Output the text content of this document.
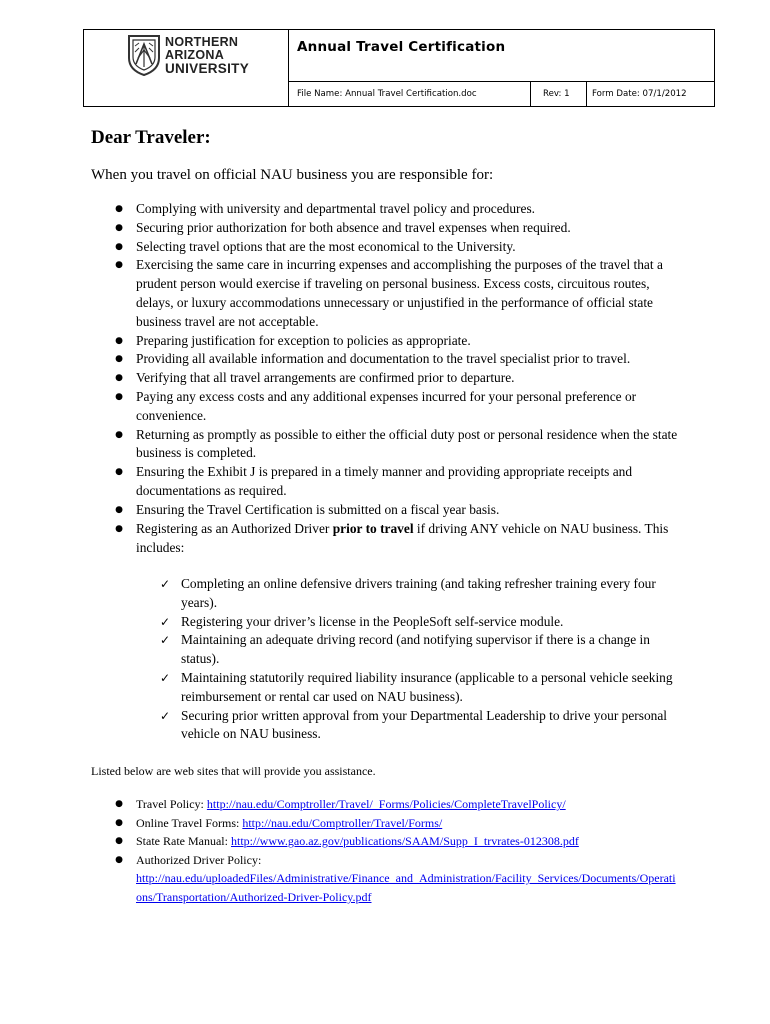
NORTHERN
ARIZONA
UNIVERSITY
Annual Travel Certification
File Name: Annual Travel Certification.doc	Rev: 1	Form Date: 07/1/2012
Dear Traveler:
When you travel on official NAU business you are responsible for:
● Complying with university and departmental travel policy and procedures.
● Securing prior authorization for both absence and travel expenses when required.
● Selecting travel options that are the most economical to the University.
● Exercising the same care in incurring expenses and accomplishing the purposes of the travel that a
prudent person would exercise if traveling on personal business. Excess costs, circuitous routes,
delays, or luxury accommodations unnecessary or unjustified in the performance of official state
business travel are not acceptable.
● Preparing justification for exception to policies as appropriate.
● Providing all available information and documentation to the travel specialist prior to travel.
● Verifying that all travel arrangements are confirmed prior to departure.
● Paying any excess costs and any additional expenses incurred for your personal preference or
convenience.
● Returning as promptly as possible to either the official duty post or personal residence when the state
business is completed.
● Ensuring the Exhibit J is prepared in a timely manner and providing appropriate receipts and
documentations as required.
● Ensuring the Travel Certification is submitted on a fiscal year basis.
● Registering as an Authorized Driver prior to travel if driving ANY vehicle on NAU business. This
includes:
✓ Completing an online defensive drivers training (and taking refresher training every four
years).
✓ Registering your driver’s license in the PeopleSoft self-service module.
✓ Maintaining an adequate driving record (and notifying supervisor if there is a change in
status).
✓ Maintaining statutorily required liability insurance (applicable to a personal vehicle seeking
reimbursement or rental car used on NAU business).
✓ Securing prior written approval from your Departmental Leadership to drive your personal
vehicle on NAU business.
Listed below are web sites that will provide you assistance.
● Travel Policy: http://nau.edu/Comptroller/Travel/_Forms/Policies/CompleteTravelPolicy/
● Online Travel Forms: http://nau.edu/Comptroller/Travel/Forms/
● State Rate Manual: http://www.gao.az.gov/publications/SAAM/Supp_I_trvrates-012308.pdf
● Authorized Driver Policy:
http://nau.edu/uploadedFiles/Administrative/Finance_and_Administration/Facility_Services/Documents/Operati
ons/Transportation/Authorized-Driver-Policy.pdf
